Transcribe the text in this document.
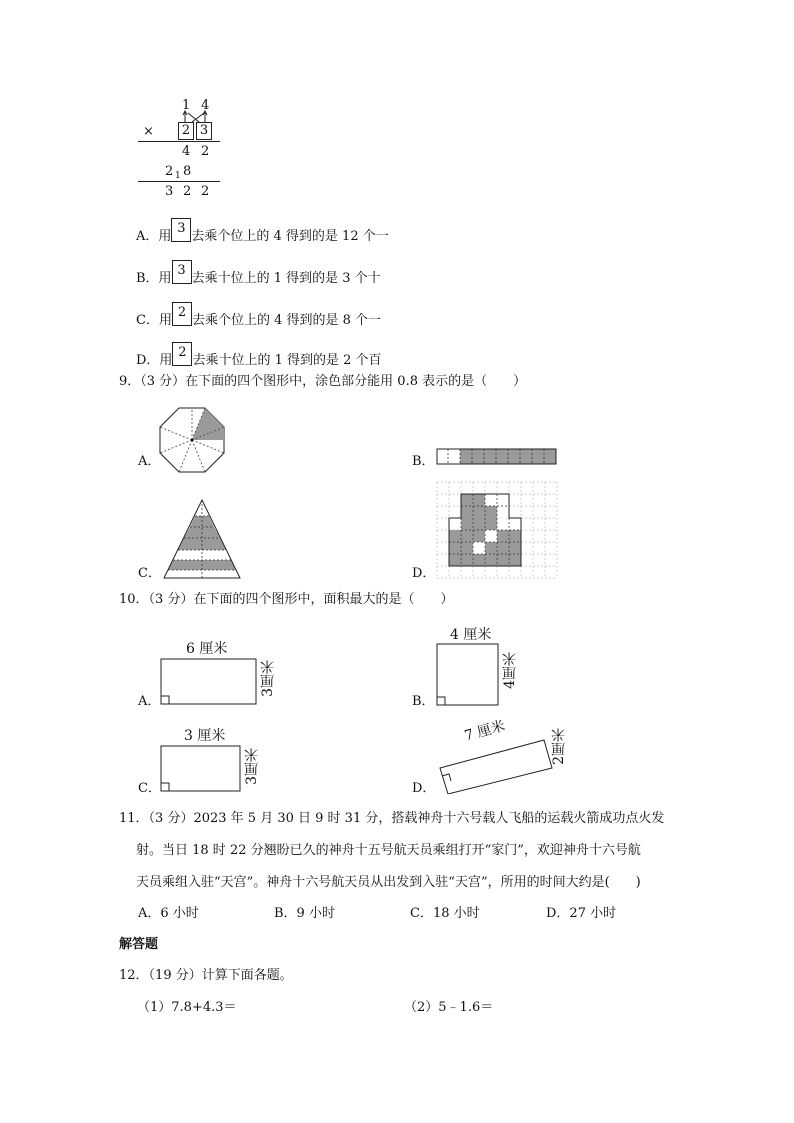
1 4
× 2 3
4 2
2 1 8
3 2 2
A．用3去乘个位上的 4 得到的是 12 个一
B．用3去乘十位上的 1 得到的是 3 个十
C．用2去乘个位上的 4 得到的是 8 个一
D．用2去乘十位上的 1 得到的是 2 个百
9．（3 分）在下面的四个图形中，涂色部分能用 0.8 表示的是（　　）
A．	B．
C．	D．
10．（3 分）在下面的四个图形中，面积最大的是（　　）
A．
6 厘米
3厘米
B．
4 厘米
4厘米
C．
3 厘米
3厘米
D．
7 厘米	2厘米
11．（3 分）2023 年 5 月 30 日 9 时 31 分，搭载神舟十六号载人飞船的运载火箭成功点火发
射。当日 18 时 22 分翘盼已久的神舟十五号航天员乘组打开“家门”，欢迎神舟十六号航
天员乘组入驻“天宫”。神舟十六号航天员从出发到入驻“天宫”，所用的时间大约是(　　)
A．6 小时	B．9 小时	C．18 小时	D．27 小时
解答题
12．（19 分）计算下面各题。
（1）7.8+4.3＝	（2）5﹣1.6＝
